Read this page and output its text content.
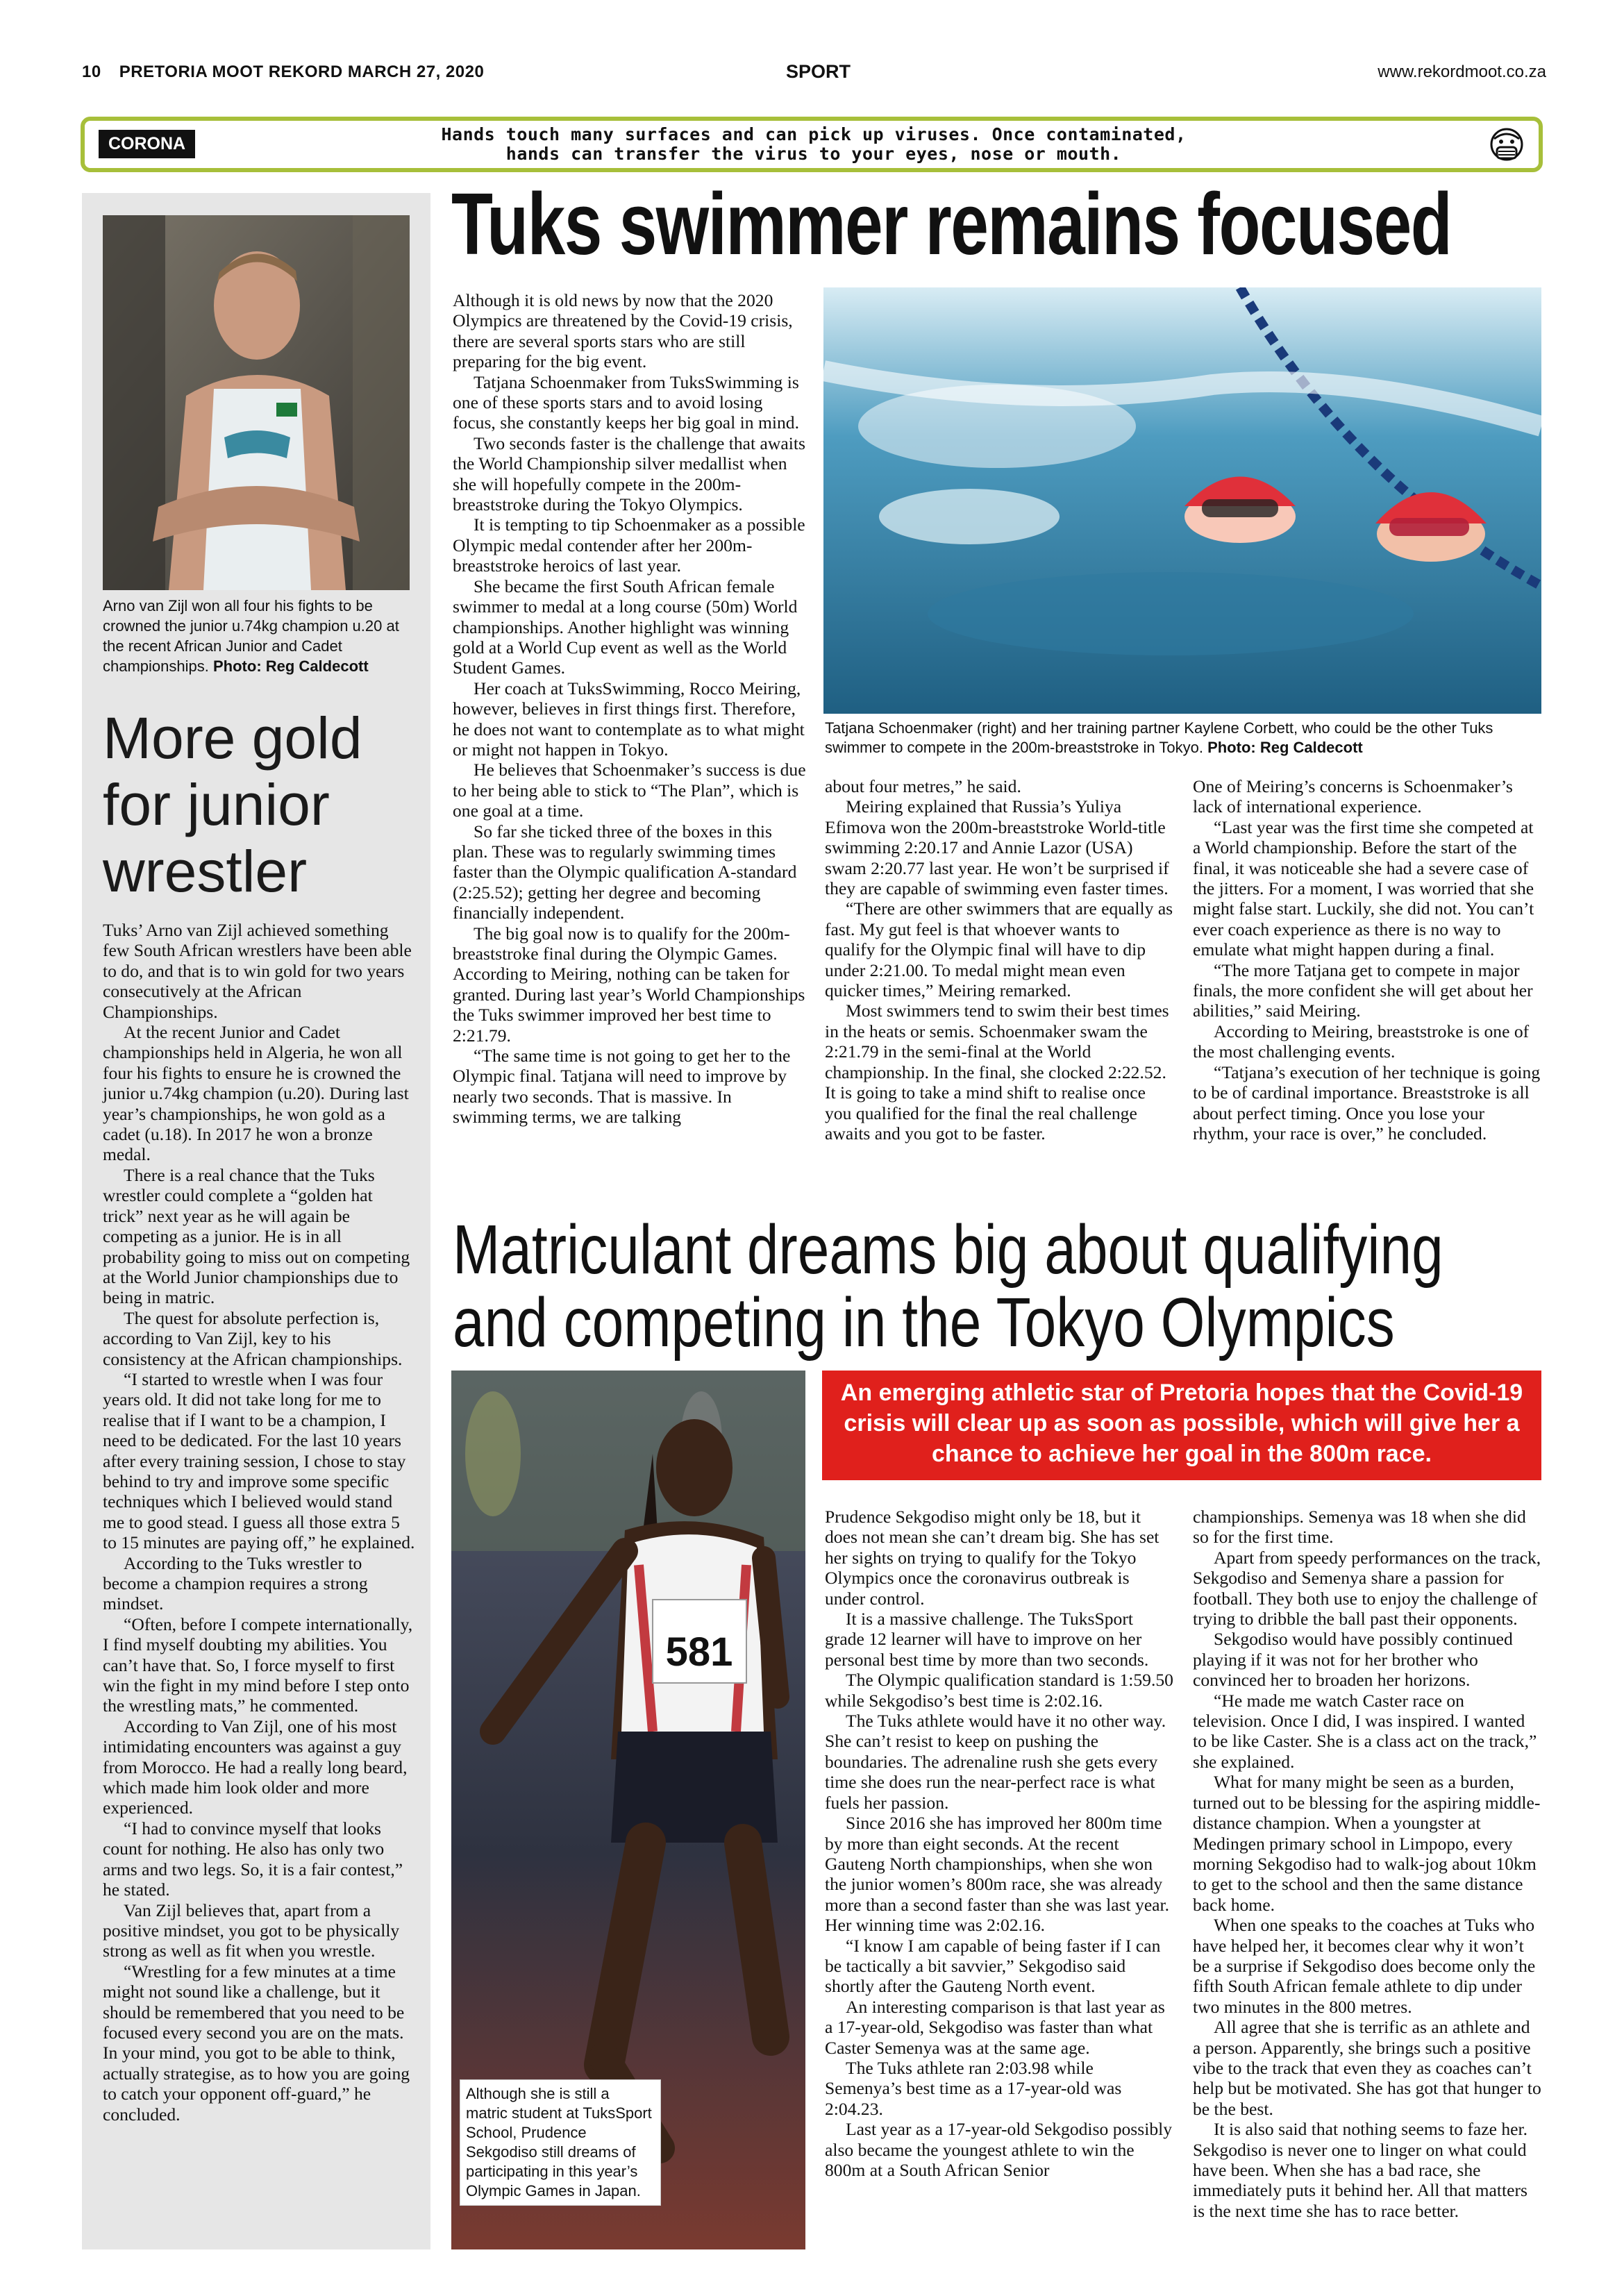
10 PRETORIA MOOT REKORD MARCH 27, 2020	SPORT	www.rekordmoot.co.za
CORONA	Hands touch many surfaces and can pick up viruses. Once contaminated,
hands can transfer the virus to your eyes, nose or mouth.
Arno van Zijl won all four his fights to be crowned the junior u.74kg champion u.20 at the recent African Junior and Cadet championships. Photo: Reg Caldecott
More gold for junior wrestler

Tuks’ Arno van Zijl achieved something few South African wrestlers have been able to do, and that is to win gold for two years consecutively at the African Championships.

At the recent Junior and Cadet championships held in Algeria, he won all four his fights to ensure he is crowned the junior u.74kg champion (u.20). During last year’s championships, he won gold as a cadet (u.18). In 2017 he won a bronze medal.

There is a real chance that the Tuks wrestler could complete a “golden hat trick” next year as he will again be competing as a junior. He is in all probability going to miss out on competing at the World Junior championships due to being in matric.

The quest for absolute perfection is, according to Van Zijl, key to his consistency at the African championships.

“I started to wrestle when I was four years old. It did not take long for me to realise that if I want to be a champion, I need to be dedicated. For the last 10 years after every training session, I chose to stay behind to try and improve some specific techniques which I believed would stand me to good stead. I guess all those extra 5 to 15 minutes are paying off,” he explained.

According to the Tuks wrestler to become a champion requires a strong mindset.

“Often, before I compete internationally, I find myself doubting my abilities. You can’t have that. So, I force myself to first win the fight in my mind before I step onto the wrestling mats,” he commented.

According to Van Zijl, one of his most intimidating encounters was against a guy from Morocco. He had a really long beard, which made him look older and more experienced.

“I had to convince myself that looks count for nothing. He also has only two arms and two legs. So, it is a fair contest,” he stated.

Van Zijl believes that, apart from a positive mindset, you got to be physically strong as well as fit when you wrestle.

“Wrestling for a few minutes at a time might not sound like a challenge, but it should be remembered that you need to be focused every second you are on the mats. In your mind, you got to be able to think, actually strategise, as to how you are going to catch your opponent off-guard,” he concluded.

Tuks swimmer remains focused

Although it is old news by now that the 2020 Olympics are threatened by the Covid-19 crisis, there are several sports stars who are still preparing for the big event.

Tatjana Schoenmaker from TuksSwimming is one of these sports stars and to avoid losing focus, she constantly keeps her big goal in mind.

Two seconds faster is the challenge that awaits the World Championship silver medallist when she will hopefully compete in the 200m-breaststroke during the Tokyo Olympics.

It is tempting to tip Schoenmaker as a possible Olympic medal contender after her 200m-breaststroke heroics of last year.

She became the first South African female swimmer to medal at a long course (50m) World championships. Another highlight was winning gold at a World Cup event as well as the World Student Games.

Her coach at TuksSwimming, Rocco Meiring, however, believes in first things first. Therefore, he does not want to contemplate as to what might or might not happen in Tokyo.

He believes that Schoenmaker’s success is due to her being able to stick to “The Plan”, which is one goal at a time.

So far she ticked three of the boxes in this plan. These was to regularly swimming times faster than the Olympic qualification A-standard (2:25.52); getting her degree and becoming financially independent.

The big goal now is to qualify for the 200m-breaststroke final during the Olympic Games. According to Meiring, nothing can be taken for granted. During last year’s World Championships the Tuks swimmer improved her best time to 2:21.79.

“The same time is not going to get her to the Olympic final. Tatjana will need to improve by nearly two seconds. That is massive. In swimming terms, we are talking

Tatjana Schoenmaker (right) and her training partner Kaylene Corbett, who could be the other Tuks swimmer to compete in the 200m-breaststroke in Tokyo. Photo: Reg Caldecott

about four metres,” he said.

Meiring explained that Russia’s Yuliya Efimova won the 200m-breaststroke World-title swimming 2:20.17 and Annie Lazor (USA) swam 2:20.77 last year. He won’t be surprised if they are capable of swimming even faster times.

“There are other swimmers that are equally as fast. My gut feel is that whoever wants to qualify for the Olympic final will have to dip under 2:21.00. To medal might mean even quicker times,” Meiring remarked.

Most swimmers tend to swim their best times in the heats or semis. Schoenmaker swam the 2:21.79 in the semi-final at the World championship. In the final, she clocked 2:22.52. It is going to take a mind shift to realise once you qualified for the final the real challenge awaits and you got to be faster.

One of Meiring’s concerns is Schoenmaker’s lack of international experience.

“Last year was the first time she competed at a World championship. Before the start of the final, it was noticeable she had a severe case of the jitters. For a moment, I was worried that she might false start. Luckily, she did not. You can’t ever coach experience as there is no way to emulate what might happen during a final.

“The more Tatjana get to compete in major finals, the more confident she will get about her abilities,” said Meiring.

According to Meiring, breaststroke is one of the most challenging events.

“Tatjana’s execution of her technique is going to be of cardinal importance. Breaststroke is all about perfect timing. Once you lose your rhythm, your race is over,” he concluded.

Matriculant dreams big about qualifying
and competing in the Tokyo Olympics
581
Although she is still a matric student at TuksSport School, Prudence Sekgodiso still dreams of participating in this year’s Olympic Games in Japan.
An emerging athletic star of Pretoria hopes that the Covid-19 crisis will clear up as soon as possible, which will give her a chance to achieve her goal in the 800m race.

Prudence Sekgodiso might only be 18, but it does not mean she can’t dream big. She has set her sights on trying to qualify for the Tokyo Olympics once the coronavirus outbreak is under control.

It is a massive challenge. The TuksSport grade 12 learner will have to improve on her personal best time by more than two seconds.

The Olympic qualification standard is 1:59.50 while Sekgodiso’s best time is 2:02.16.

The Tuks athlete would have it no other way. She can’t resist to keep on pushing the boundaries. The adrenaline rush she gets every time she does run the near-perfect race is what fuels her passion.

Since 2016 she has improved her 800m time by more than eight seconds. At the recent Gauteng North championships, when she won the junior women’s 800m race, she was already more than a second faster than she was last year. Her winning time was 2:02.16.

“I know I am capable of being faster if I can be tactically a bit savvier,” Sekgodiso said shortly after the Gauteng North event.

An interesting comparison is that last year as a 17-year-old, Sekgodiso was faster than what Caster Semenya was at the same age.

The Tuks athlete ran 2:03.98 while Semenya’s best time as a 17-year-old was 2:04.23.

Last year as a 17-year-old Sekgodiso possibly also became the youngest athlete to win the 800m at a South African Senior

championships. Semenya was 18 when she did so for the first time.

Apart from speedy performances on the track, Sekgodiso and Semenya share a passion for football. They both use to enjoy the challenge of trying to dribble the ball past their opponents.

Sekgodiso would have possibly continued playing if it was not for her brother who convinced her to broaden her horizons.

“He made me watch Caster race on television. Once I did, I was inspired. I wanted to be like Caster. She is a class act on the track,” she explained.

What for many might be seen as a burden, turned out to be blessing for the aspiring middle-distance champion. When a youngster at Medingen primary school in Limpopo, every morning Sekgodiso had to walk-jog about 10km to get to the school and then the same distance back home.

When one speaks to the coaches at Tuks who have helped her, it becomes clear why it won’t be a surprise if Sekgodiso does become only the fifth South African female athlete to dip under two minutes in the 800 metres.

All agree that she is terrific as an athlete and a person. Apparently, she brings such a positive vibe to the track that even they as coaches can’t help but be motivated. She has got that hunger to be the best.

It is also said that nothing seems to faze her. Sekgodiso is never one to linger on what could have been. When she has a bad race, she immediately puts it behind her. All that matters is the next time she has to race better.
